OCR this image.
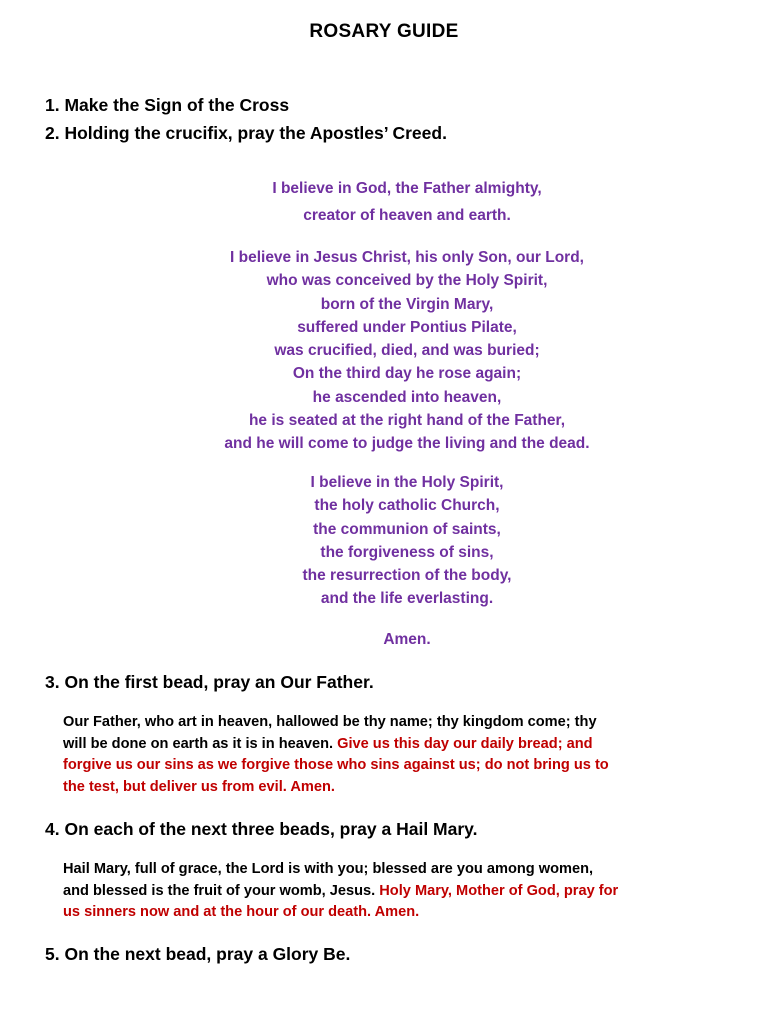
ROSARY GUIDE
1. Make the Sign of the Cross
2. Holding the crucifix, pray the Apostles’ Creed.
I believe in God, the Father almighty,
creator of heaven and earth.
I believe in Jesus Christ, his only Son, our Lord,
who was conceived by the Holy Spirit,
born of the Virgin Mary,
suffered under Pontius Pilate,
was crucified, died, and was buried;
On the third day he rose again;
he ascended into heaven,
he is seated at the right hand of the Father,
and he will come to judge the living and the dead.
I believe in the Holy Spirit,
the holy catholic Church,
the communion of saints,
the forgiveness of sins,
the resurrection of the body,
and the life everlasting.
Amen.
3. On the first bead, pray an Our Father.
Our Father, who art in heaven, hallowed be thy name; thy kingdom come; thy
will be done on earth as it is in heaven. Give us this day our daily bread; and
forgive us our sins as we forgive those who sins against us; do not bring us to
the test, but deliver us from evil. Amen.
4. On each of the next three beads, pray a Hail Mary.
Hail Mary, full of grace, the Lord is with you; blessed are you among women,
and blessed is the fruit of your womb, Jesus. Holy Mary, Mother of God, pray for
us sinners now and at the hour of our death. Amen.
5. On the next bead, pray a Glory Be.
